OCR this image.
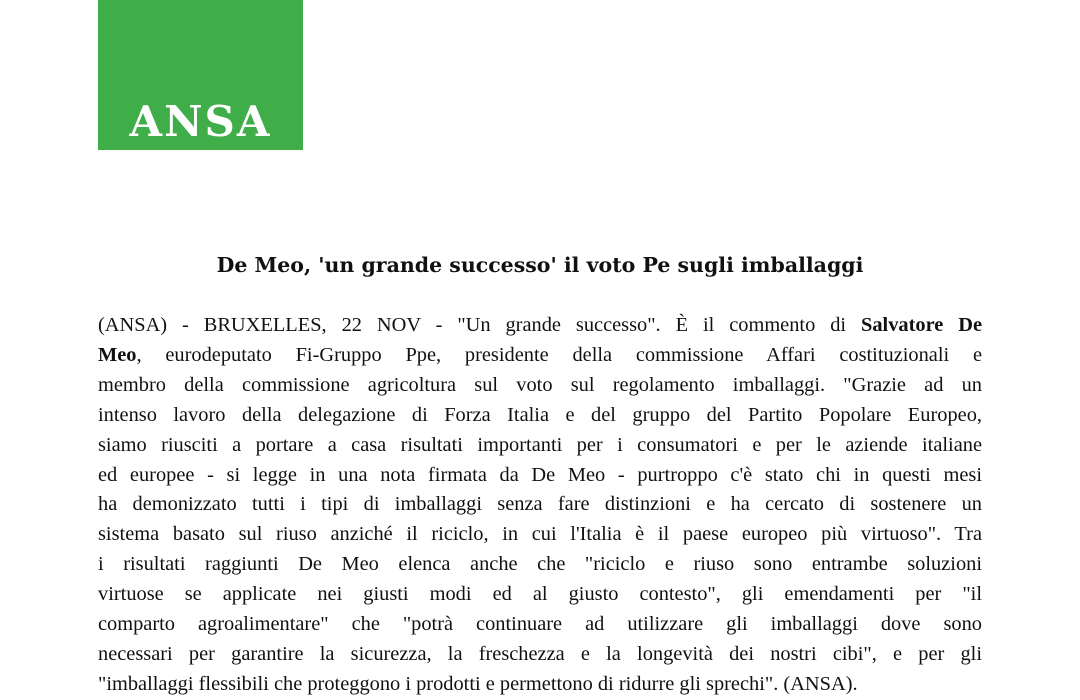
ANSA
De Meo, 'un grande successo' il voto Pe sugli imballaggi
(ANSA) - BRUXELLES, 22 NOV - "Un grande successo". È il commento di Salvatore De
Meo, eurodeputato Fi-Gruppo Ppe, presidente della commissione Affari costituzionali e
membro della commissione agricoltura sul voto sul regolamento imballaggi. "Grazie ad un
intenso lavoro della delegazione di Forza Italia e del gruppo del Partito Popolare Europeo,
siamo riusciti a portare a casa risultati importanti per i consumatori e per le aziende italiane
ed europee - si legge in una nota firmata da De Meo - purtroppo c'è stato chi in questi mesi
ha demonizzato tutti i tipi di imballaggi senza fare distinzioni e ha cercato di sostenere un
sistema basato sul riuso anziché il riciclo, in cui l'Italia è il paese europeo più virtuoso". Tra
i risultati raggiunti De Meo elenca anche che "riciclo e riuso sono entrambe soluzioni
virtuose se applicate nei giusti modi ed al giusto contesto", gli emendamenti per "il
comparto agroalimentare" che "potrà continuare ad utilizzare gli imballaggi dove sono
necessari per garantire la sicurezza, la freschezza e la longevità dei nostri cibi", e per gli
"imballaggi flessibili che proteggono i prodotti e permettono di ridurre gli sprechi". (ANSA).
